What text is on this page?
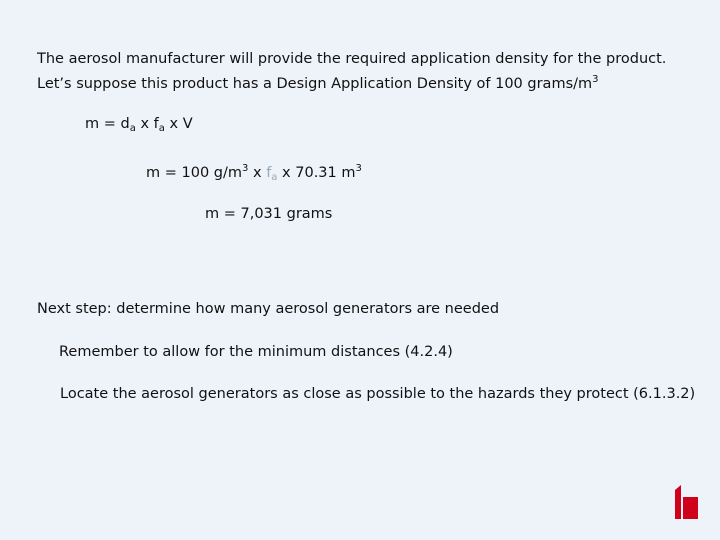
The aerosol manufacturer will provide the required application density for the product.

Let’s suppose this product has a Design Application Density of 100 grams/$m^3$

$m = d_a$ x $f_a$ x V

m = 100 $g/m^3$ x $f_a$ x 70.31 $m^3$

m = 7,031 grams

Next step: determine how many aerosol generators are needed

Remember to allow for the minimum distances (4.2.4)

Locate the aerosol generators as close as possible to the hazards they protect (6.1.3.2)
